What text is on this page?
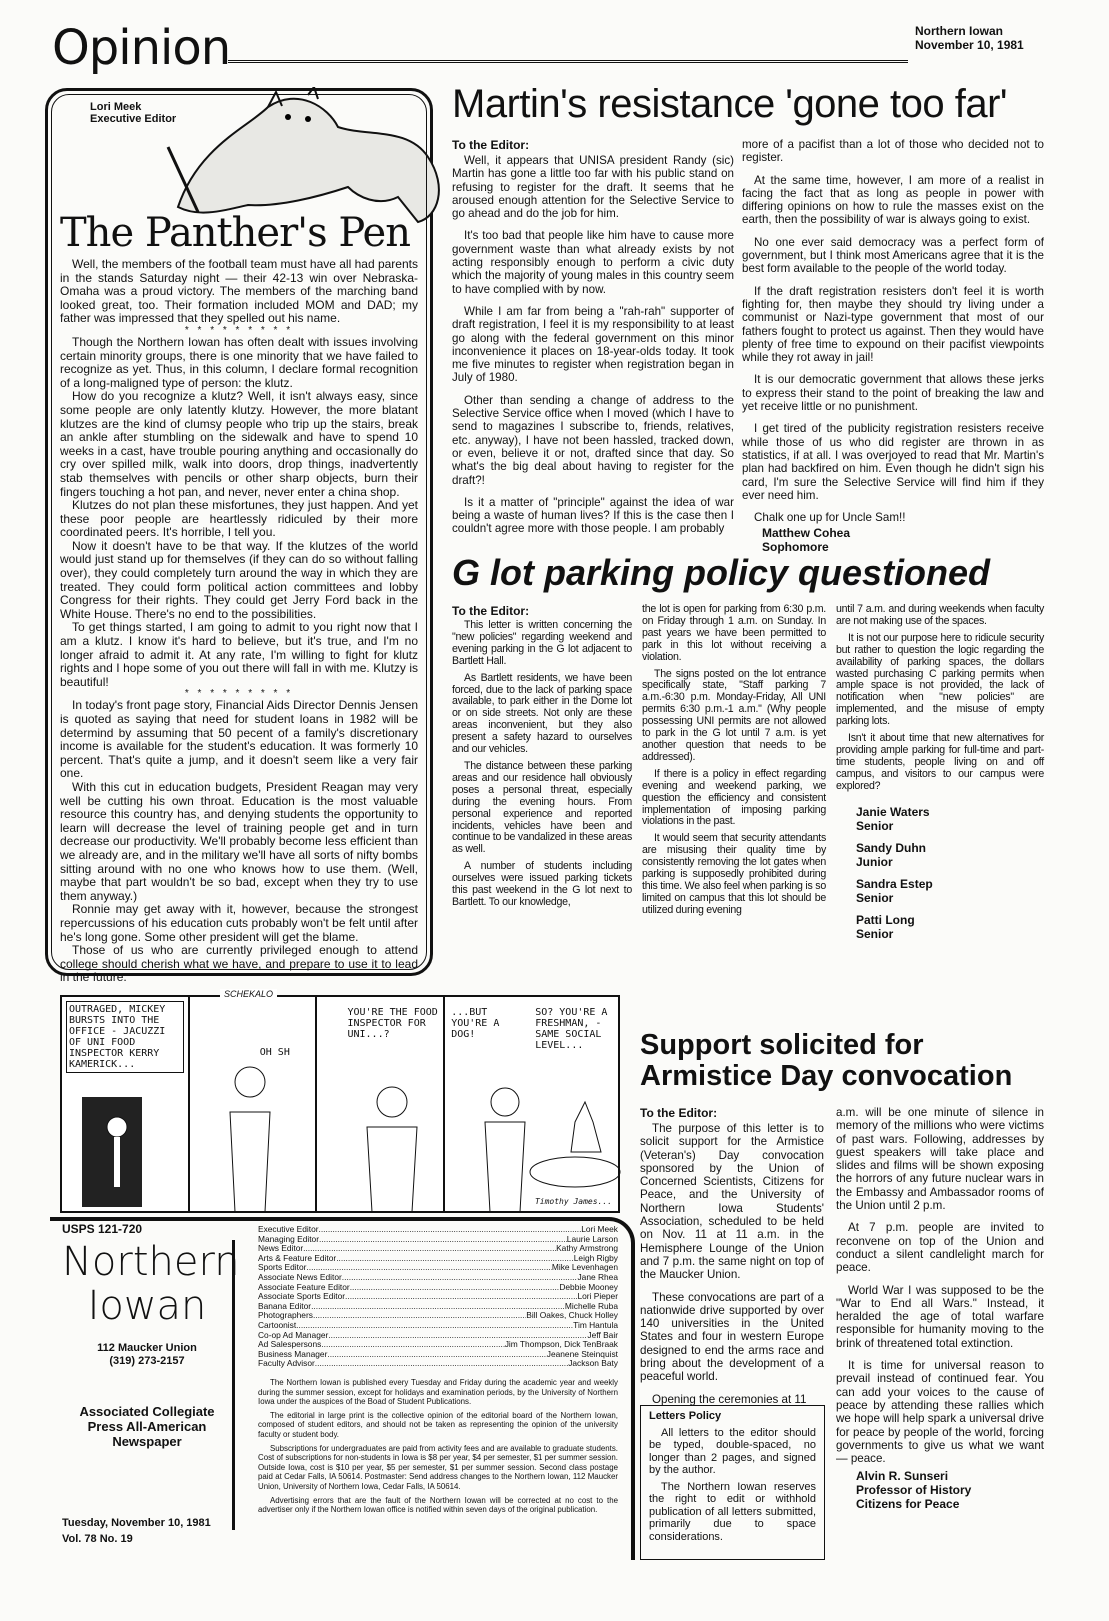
Opinion	Northern Iowan
November 10, 1981
Lori Meek
Executive Editor
The Panther's Pen

Well, the members of the football team must have all had parents in the stands Saturday night — their 42-13 win over Nebraska-Omaha was a proud victory. The members of the marching band looked great, too. Their formation included MOM and DAD; my father was impressed that they spelled out his name.

* * * * * * * * *

Though the Northern Iowan has often dealt with issues involving certain minority groups, there is one minority that we have failed to recognize as yet. Thus, in this column, I declare formal recognition of a long-maligned type of person: the klutz.

How do you recognize a klutz? Well, it isn't always easy, since some people are only latently klutzy. However, the more blatant klutzes are the kind of clumsy people who trip up the stairs, break an ankle after stumbling on the sidewalk and have to spend 10 weeks in a cast, have trouble pouring anything and occasionally do cry over spilled milk, walk into doors, drop things, inadvertently stab themselves with pencils or other sharp objects, burn their fingers touching a hot pan, and never, never enter a china shop.

Klutzes do not plan these misfortunes, they just happen. And yet these poor people are heartlessly ridiculed by their more coordinated peers. It's horrible, I tell you.

Now it doesn't have to be that way. If the klutzes of the world would just stand up for themselves (if they can do so without falling over), they could completely turn around the way in which they are treated. They could form political action committees and lobby Congress for their rights. They could get Jerry Ford back in the White House. There's no end to the possibilities.

To get things started, I am going to admit to you right now that I am a klutz. I know it's hard to believe, but it's true, and I'm no longer afraid to admit it. At any rate, I'm willing to fight for klutz rights and I hope some of you out there will fall in with me. Klutzy is beautiful!

* * * * * * * * *

In today's front page story, Financial Aids Director Dennis Jensen is quoted as saying that need for student loans in 1982 will be determind by assuming that 50 pecent of a family's discretionary income is available for the student's education. It was formerly 10 percent. That's quite a jump, and it doesn't seem like a very fair one.

With this cut in education budgets, President Reagan may very well be cutting his own throat. Education is the most valuable resource this country has, and denying students the opportunity to learn will decrease the level of training people get and in turn decrease our productivity. We'll probably become less efficient than we already are, and in the military we'll have all sorts of nifty bombs sitting around with no one who knows how to use them. (Well, maybe that part wouldn't be so bad, except when they try to use them anyway.)

Ronnie may get away with it, however, because the strongest repercussions of his education cuts probably won't be felt until after he's long gone. Some other president will get the blame.

Those of us who are currently privileged enough to attend college should cherish what we have, and prepare to use it to lead in the future.

Martin's resistance 'gone too far'
To the Editor:

Well, it appears that UNISA president Randy (sic) Martin has gone a little too far with his public stand on refusing to register for the draft. It seems that he aroused enough attention for the Selective Service to go ahead and do the job for him.

It's too bad that people like him have to cause more government waste than what already exists by not acting responsibly enough to perform a civic duty which the majority of young males in this country seem to have complied with by now.

While I am far from being a "rah-rah" supporter of draft registration, I feel it is my responsibility to at least go along with the federal government on this minor inconvenience it places on 18-year-olds today. It took me five minutes to register when registration began in July of 1980.

Other than sending a change of address to the Selective Service office when I moved (which I have to send to magazines I subscribe to, friends, relatives, etc. anyway), I have not been hassled, tracked down, or even, believe it or not, drafted since that day. So what's the big deal about having to register for the draft?!

Is it a matter of "principle" against the idea of war being a waste of human lives? If this is the case then I couldn't agree more with those people. I am probably

more of a pacifist than a lot of those who decided not to register.

At the same time, however, I am more of a realist in facing the fact that as long as people in power with differing opinions on how to rule the masses exist on the earth, then the possibility of war is always going to exist.

No one ever said democracy was a perfect form of government, but I think most Americans agree that it is the best form available to the people of the world today.

If the draft registration resisters don't feel it is worth fighting for, then maybe they should try living under a communist or Nazi-type government that most of our fathers fought to protect us against. Then they would have plenty of free time to expound on their pacifist viewpoints while they rot away in jail!

It is our democratic government that allows these jerks to express their stand to the point of breaking the law and yet receive little or no punishment.

I get tired of the publicity registration resisters receive while those of us who did register are thrown in as statistics, if at all. I was overjoyed to read that Mr. Martin's plan had backfired on him. Even though he didn't sign his card, I'm sure the Selective Service will find him if they ever need him.

Chalk one up for Uncle Sam!!

Matthew Cohea
Sophomore
G lot parking policy questioned
To the Editor:

This letter is written concerning the "new policies" regarding weekend and evening parking in the G lot adjacent to Bartlett Hall.

As Bartlett residents, we have been forced, due to the lack of parking space available, to park either in the Dome lot or on side streets. Not only are these areas inconvenient, but they also present a safety hazard to ourselves and our vehicles.

The distance between these parking areas and our residence hall obviously poses a personal threat, especially during the evening hours. From personal experience and reported incidents, vehicles have been and continue to be vandalized in these areas as well.

A number of students including ourselves were issued parking tickets this past weekend in the G lot next to Bartlett. To our knowledge,

the lot is open for parking from 6:30 p.m. on Friday through 1 a.m. on Sunday. In past years we have been permitted to park in this lot without receiving a violation.

The signs posted on the lot entrance specifically state, "Staff parking 7 a.m.-6:30 p.m. Monday-Friday, All UNI permits 6:30 p.m.-1 a.m." (Why people possessing UNI permits are not allowed to park in the G lot until 7 a.m. is yet another question that needs to be addressed).

If there is a policy in effect regarding evening and weekend parking, we question the efficiency and consistent implementation of imposing parking violations in the past.

It would seem that security attendants are misusing their quality time by consistently removing the lot gates when parking is supposedly prohibited during this time. We also feel when parking is so limited on campus that this lot should be utilized during evening

until 7 a.m. and during weekends when faculty are not making use of the spaces.

It is not our purpose here to ridicule security but rather to question the logic regarding the availability of parking spaces, the dollars wasted purchasing C parking permits when ample space is not provided, the lack of notification when "new policies" are implemented, and the misuse of empty parking lots.

Isn't it about time that new alternatives for providing ample parking for full-time and part-time students, people living on and off campus, and visitors to our campus were explored?

Janie Waters
Senior
Sandy Duhn
Junior
Sandra Estep
Senior
Patti Long
Senior
Support solicited for Armistice Day convocation
To the Editor:

The purpose of this letter is to solicit support for the Armistice (Veteran's) Day convocation sponsored by the Union of Concerned Scientists, Citizens for Peace, and the University of Northern Iowa Students' Association, scheduled to be held on Nov. 11 at 11 a.m. in the Hemisphere Lounge of the Union and 7 p.m. the same night on top of the Maucker Union.

These convocations are part of a nationwide drive supported by over 140 universities in the United States and four in western Europe designed to end the arms race and bring about the development of a peaceful world.

Opening the ceremonies at 11

a.m. will be one minute of silence in memory of the millions who were victims of past wars. Following, addresses by guest speakers will take place and slides and films will be shown exposing the horrors of any future nuclear wars in the Embassy and Ambassador rooms of the Union until 2 p.m.

At 7 p.m. people are invited to reconvene on top of the Union and conduct a silent candlelight march for peace.

World War I was supposed to be the "War to End all Wars." Instead, it heralded the age of total warfare responsible for humanity moving to the brink of threatened total extinction.

It is time for universal reason to prevail instead of continued fear. You can add your voices to the cause of peace by attending these rallies which we hope will help spark a universal drive for peace by people of the world, forcing governments to give us what we want — peace.

Alvin R. Sunseri
Professor of History
Citizens for Peace

Letters Policy

All letters to the editor should be typed, double-spaced, no longer than 2 pages, and signed by the author.

The Northern Iowan reserves the right to edit or withhold publication of all letters submitted, primarily due to space considerations.

OUTRAGED, MICKEY BURSTS INTO THE OFFICE - JACUZZI OF UNI FOOD INSPECTOR KERRY KAMERICK...
OH SH
YOU'RE THE FOOD INSPECTOR FOR UNI...?
...BUT YOU'RE A DOG!
SO? YOU'RE A FRESHMAN, - SAME SOCIAL LEVEL...
Timothy James...
SCHEKALO
USPS 121-720
Northern Iowan
112 Maucker Union
(319) 273-2157
Associated Collegiate Press All-American Newspaper
Tuesday, November 10, 1981
Vol. 78 No. 19
Executive Editor .....	Lori Meek
Managing Editor .....	Laurie Larson
News Editor .....	Kathy Armstrong
Arts & Feature Editor .....	Leigh Rigby
Sports Editor .....	Mike Levenhagen
Associate News Editor .....	Jane Rhea
Associate Feature Editor .....	Debbie Mooney
Associate Sports Editor .....	Lori Pieper
Banana Editor .....	Michelle Ruba
Photographers .....	Bill Oakes, Chuck Holley
Cartoonist .....	Tim Hantula
Co-op Ad Manager .....	Jeff Bair
Ad Salespersons .....	Jim Thompson, Dick TenBraak
Business Manager .....	Jeanene Steinquist
Faculty Advisor .....	Jackson Baty

The Northern Iowan is published every Tuesday and Friday during the academic year and weekly during the summer session, except for holidays and examination periods, by the University of Northern Iowa under the auspices of the Boad of Student Publications.

The editorial in large print is the collective opinion of the editorial board of the Northern Iowan, composed of student editors, and should not be taken as representing the opinion of the university faculty or student body.

Subscriptions for undergraduates are paid from activity fees and are available to graduate students. Cost of subscriptions for non-students in Iowa is $8 per year, $4 per semester, $1 per summer session. Outside Iowa, cost is $10 per year, $5 per semester, $1 per summer session. Second class postage paid at Cedar Falls, IA 50614. Postmaster: Send address changes to the Northern Iowan, 112 Maucker Union, University of Northern Iowa, Cedar Falls, IA 50614.

Advertising errors that are the fault of the Northern Iowan will be corrected at no cost to the advertiser only if the Northern Iowan office is notified within seven days of the original publication.
